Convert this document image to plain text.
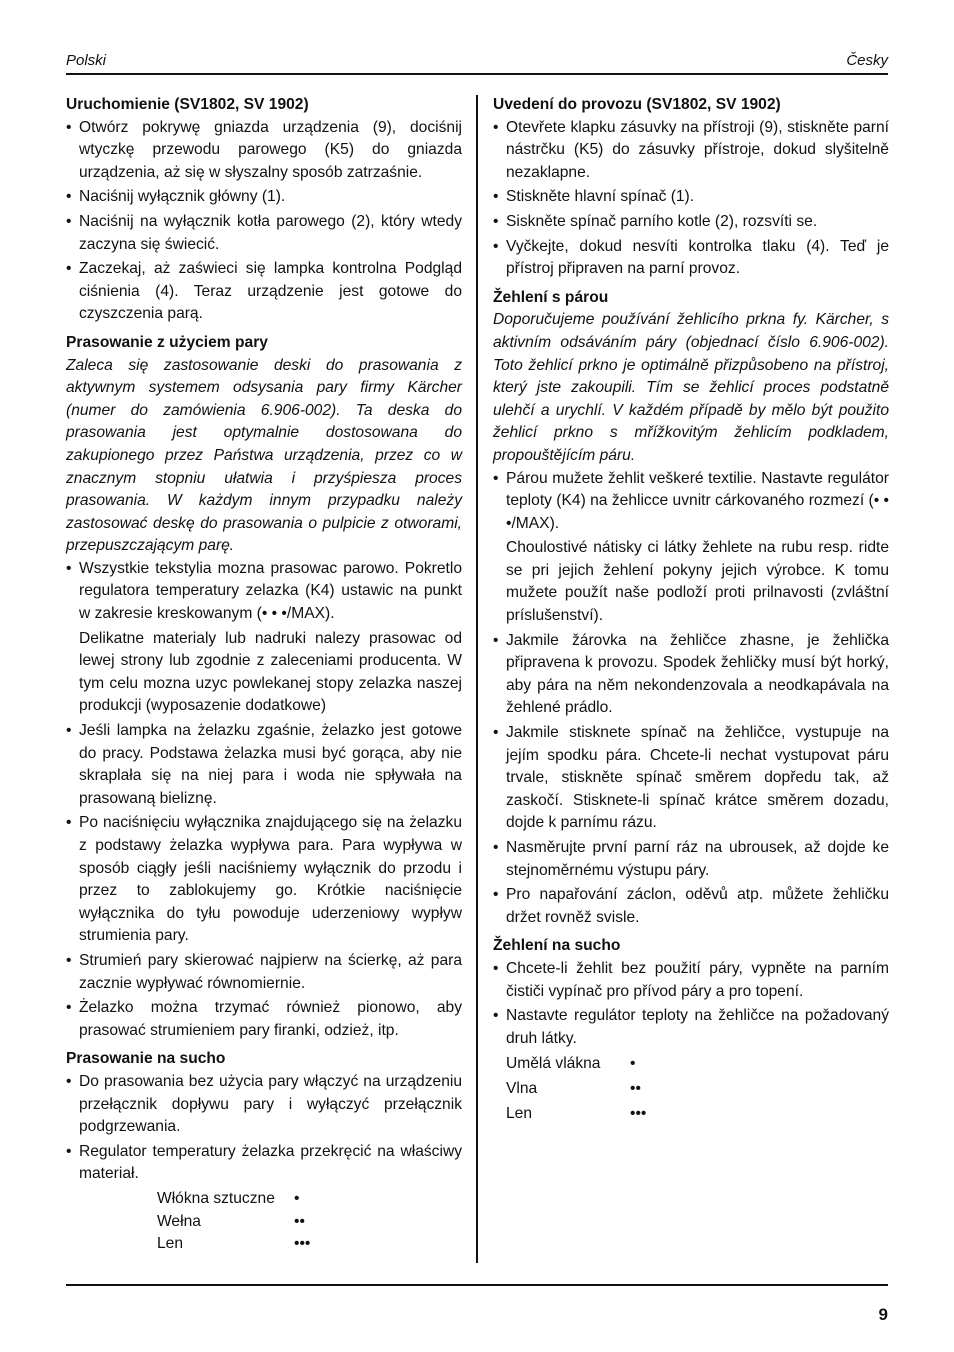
Polski	Česky
Uruchomienie (SV1802, SV 1902)
• Otwórz pokrywę gniazda urządzenia (9), dociśnij wtyczkę przewodu parowego (K5) do gniazda urządzenia, aż się w słyszalny sposób zatrzaśnie.
• Naciśnij wyłącznik główny (1).
• Naciśnij na wyłącznik kotła parowego (2), który wtedy zaczyna się świecić.
• Zaczekaj, aż zaświeci się lampka kontrolna Podgląd ciśnienia (4). Teraz urządzenie jest gotowe do czyszczenia parą.
Prasowanie z użyciem pary
Zaleca się zastosowanie deski do prasowania z aktywnym systemem odsysania pary firmy Kärcher (numer do zamówienia 6.906-002). Ta deska do prasowania jest optymalnie dostosowana do zakupionego przez Państwa urządzenia, przez co w znacznym stopniu ułatwia i przyśpiesza proces prasowania. W każdym innym przypadku należy zastosować deskę do prasowania o pulpicie z otworami, przepuszczającym parę.
• Wszystkie tekstylia mozna prasowac parowo. Pokretlo regulatora temperatury zelazka (K4) ustawic na punkt w zakresie kreskowanym (• • •/MAX).
Delikatne materialy lub nadruki nalezy prasowac od lewej strony lub zgodnie z zaleceniami producenta. W tym celu mozna uzyc powlekanej stopy zelazka naszej produkcji (wyposazenie dodatkowe)
• Jeśli lampka na żelazku zgaśnie, żelazko jest gotowe do pracy. Podstawa żelazka musi być gorąca, aby nie skraplała się na niej para i woda nie spływała na prasowaną bieliznę.
• Po naciśnięciu wyłącznika znajdującego się na żelazku z podstawy żelazka wypływa para. Para wypływa w sposób ciągły jeśli naciśniemy wyłącznik do przodu i przez to zablokujemy go. Krótkie naciśnięcie wyłącznika do tyłu powoduje uderzeniowy wypływ strumienia pary.
• Strumień pary skierować najpierw na ścierkę, aż para zacznie wypływać równomiernie.
• Żelazko można trzymać również pionowo, aby prasować strumieniem pary firanki, odzież, itp.
Prasowanie na sucho
• Do prasowania bez użycia pary włączyć na urządzeniu przełącznik dopływu pary i wyłączyć przełącznik podgrzewania.
• Regulator temperatury żelazka przekręcić na właściwy materiał.
Włókna sztuczne	•
Wełna	••
Len	•••
Uvedení do provozu (SV1802, SV 1902)
• Otevřete klapku zásuvky na přístroji (9), stiskněte parní nástrčku (K5) do zásuvky přístroje, dokud slyšitelně nezaklapne.
• Stiskněte hlavní spínač (1).
• Siskněte spínač parního kotle (2), rozsvíti se.
• Vyčkejte, dokud nesvíti kontrolka tlaku (4). Teď je přístroj připraven na parní provoz.
Žehlení s párou
Doporučujeme používání žehlicího prkna fy. Kärcher, s aktivním odsáváním páry (objednací číslo 6.906-002). Toto žehlicí prkno je optimálně přizpůsobeno na přístroj, který jste zakoupili. Tím se žehlicí proces podstatně ulehčí a urychlí. V každém případě by mělo být použito žehlicí prkno s mřížkovitým žehlicím podkladem, propouštějícím páru.
• Párou mužete žehlit veškeré textilie. Nastavte regulátor teploty (K4) na žehlicce uvnitr cárkovaného rozmezí (• • •/MAX).
Choulostivé nátisky ci látky žehlete na rubu resp. ridte se pri jejich žehlení pokyny jejich výrobce. K tomu mužete použít naše podloží proti prilnavosti (zvláštní príslušenství).
• Jakmile žárovka na žehličce zhasne, je žehlička připravena k provozu. Spodek žehličky musí být horký, aby pára na něm nekondenzovala a neodkapávala na žehlené prádlo.
• Jakmile stisknete spínač na žehličce, vystupuje na jejím spodku pára. Chcete-li nechat vystupovat páru trvale, stiskněte spínač směrem dopředu tak, až zaskočí. Stisknete-li spínač krátce směrem dozadu, dojde k parnímu rázu.
• Nasměrujte první parní ráz na ubrousek, až dojde ke stejnoměrnému výstupu páry.
• Pro napařování záclon, oděvů atp. můžete žehličku držet rovněž svisle.
Žehlení na sucho
• Chcete-li žehlit bez použití páry, vypněte na parním čističi vypínač pro přívod páry a pro topení.
• Nastavte regulátor teploty na žehličce na požadovaný druh látky.
Umělá vlákna	•
Vlna	••
Len	•••
9
